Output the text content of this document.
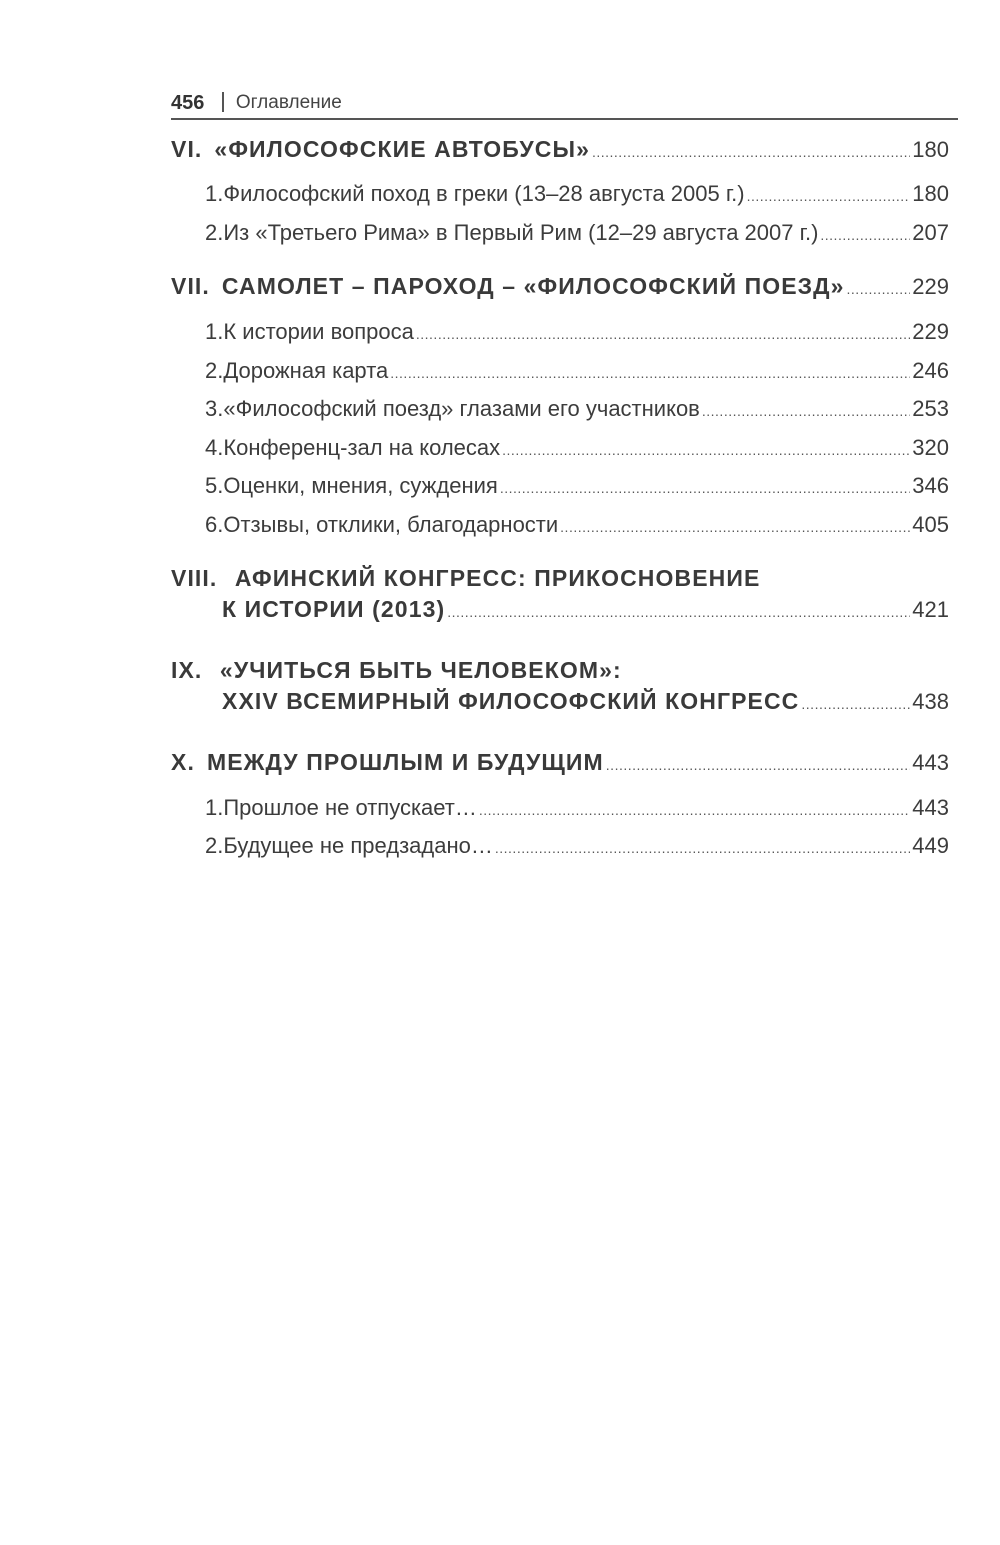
456 Оглавление
VI. «ФИЛОСОФСКИЕ АВТОБУСЫ» .....	180
1. Философский поход в греки (13–28 августа 2005 г.) .....	180
2. Из «Третьего Рима» в Первый Рим (12–29 августа 2007 г.) .....	207
VII. САМОЛЕТ – ПАРОХОД – «ФИЛОСОФСКИЙ ПОЕЗД» .....	229
1. К истории вопроса .....	229
2. Дорожная карта .....	246
3. «Философский поезд» глазами его участников .....	253
4. Конференц-зал на колесах .....	320
5. Оценки, мнения, суждения .....	346
6. Отзывы, отклики, благодарности .....	405
VIII. АФИНСКИЙ КОНГРЕСС: ПРИКОСНОВЕНИЕ
К ИСТОРИИ (2013) .....	421
IX. «УЧИТЬСЯ БЫТЬ ЧЕЛОВЕКОМ»:
XXIV ВСЕМИРНЫЙ ФИЛОСОФСКИЙ КОНГРЕСС .....	438
X. МЕЖДУ ПРОШЛЫМ И БУДУЩИМ .....	443
1. Прошлое не отпускает… .....	443
2. Будущее не предзадано… .....	449
